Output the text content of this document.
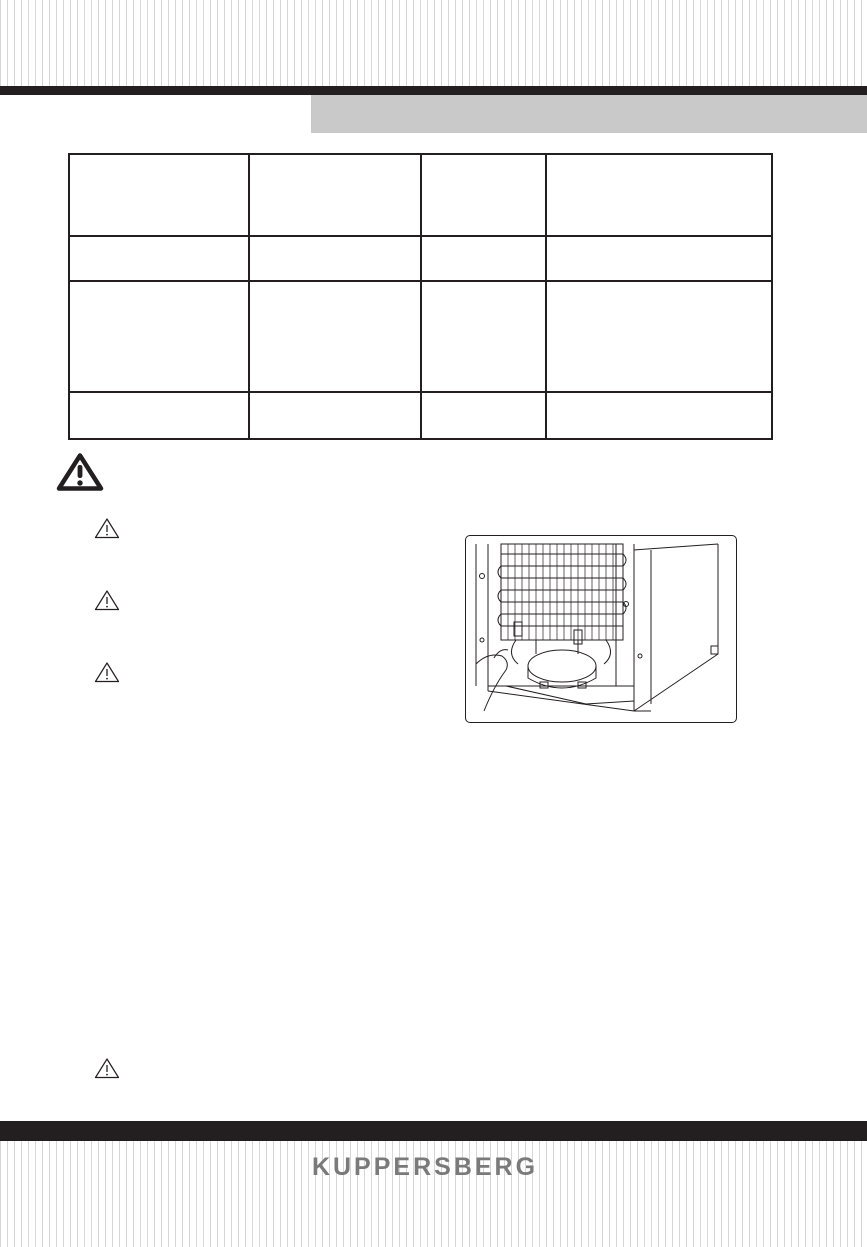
KUPPERSBERG
